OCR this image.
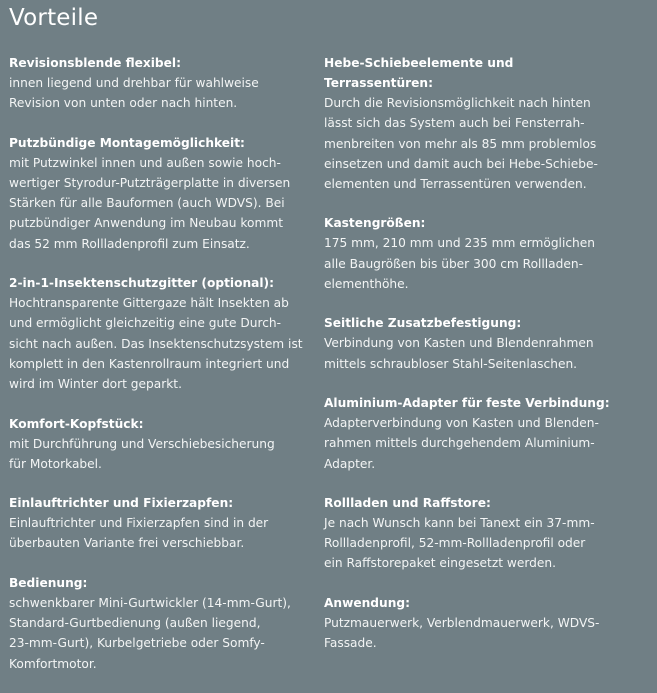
Vorteile

Revisionsblende flexibel:

innen liegend und drehbar für wahlweise
Revision von unten oder nach hinten.

Putzbündige Montagemöglichkeit:

mit Putzwinkel innen und außen sowie hoch-
wertiger Styrodur-Putzträgerplatte in diversen
Stärken für alle Bauformen (auch WDVS). Bei
putzbündiger Anwendung im Neubau kommt
das 52 mm Rollladenprofil zum Einsatz.

2-in-1-Insektenschutzgitter (optional):

Hochtransparente Gittergaze hält Insekten ab
und ermöglicht gleichzeitig eine gute Durch-
sicht nach außen. Das Insektenschutzsystem ist
komplett in den Kastenrollraum integriert und
wird im Winter dort geparkt.

Komfort-Kopfstück:

mit Durchführung und Verschiebesicherung
für Motorkabel.

Einlauftrichter und Fixierzapfen:

Einlauftrichter und Fixierzapfen sind in der
überbauten Variante frei verschiebbar.

Bedienung:

schwenkbarer Mini-Gurtwickler (14-mm-Gurt),
Standard-Gurtbedienung (außen liegend,
23-mm-Gurt), Kurbelgetriebe oder Somfy-
Komfortmotor.

Hebe-Schiebeelemente und Terrassentüren:

Durch die Revisionsmöglichkeit nach hinten
lässt sich das System auch bei Fensterrah-
menbreiten von mehr als 85 mm problemlos
einsetzen und damit auch bei Hebe-Schiebe-
elementen und Terrassentüren verwenden.

Kastengrößen:

175 mm, 210 mm und 235 mm ermöglichen
alle Baugrößen bis über 300 cm Rollladen-
elementhöhe.

Seitliche Zusatzbefestigung:

Verbindung von Kasten und Blendenrahmen
mittels schraubloser Stahl-Seitenlaschen.

Aluminium-Adapter für feste Verbindung:

Adapterverbindung von Kasten und Blenden-
rahmen mittels durchgehendem Aluminium-
Adapter.

Rollladen und Raffstore:

Je nach Wunsch kann bei Tanext ein 37-mm-
Rollladenprofil, 52-mm-Rollladenprofil oder
ein Raffstorepaket eingesetzt werden.

Anwendung:

Putzmauerwerk, Verblendmauerwerk, WDVS-
Fassade.
